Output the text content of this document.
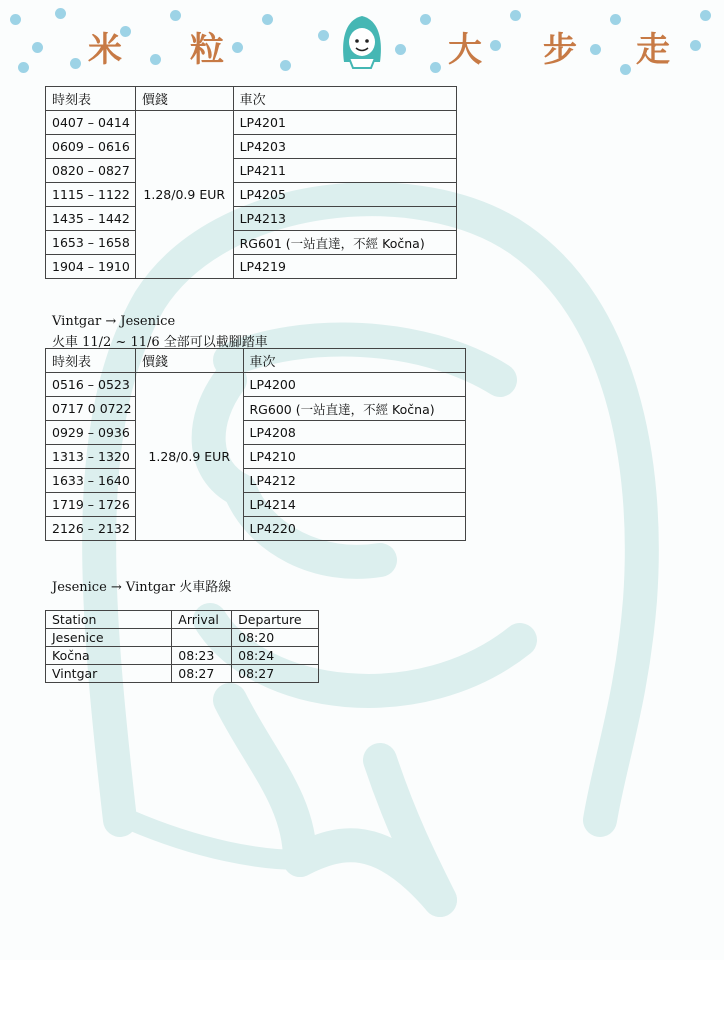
米 粒	大 步 走
時刻表	價錢	車次
0407 – 0414	1.28/0.9 EUR	LP4201
0609 – 0616		LP4203
0820 – 0827		LP4211
1115 – 1122		LP4205
1435 – 1442		LP4213
1653 – 1658		RG601 (一站直達，不經 Kočna)
1904 – 1910		LP4219
Vintgar → Jesenice
火車 11/2 ~ 11/6 全部可以載腳踏車
時刻表	價錢	車次
0516 – 0523	1.28/0.9 EUR	LP4200
0717 0 0722		RG600 (一站直達，不經 Kočna)
0929 – 0936		LP4208
1313 – 1320		LP4210
1633 – 1640		LP4212
1719 – 1726		LP4214
2126 – 2132		LP4220
Jesenice → Vintgar 火車路線
Station	Arrival	Departure
Jesenice		08:20
Kočna	08:23	08:24
Vintgar	08:27	08:27
